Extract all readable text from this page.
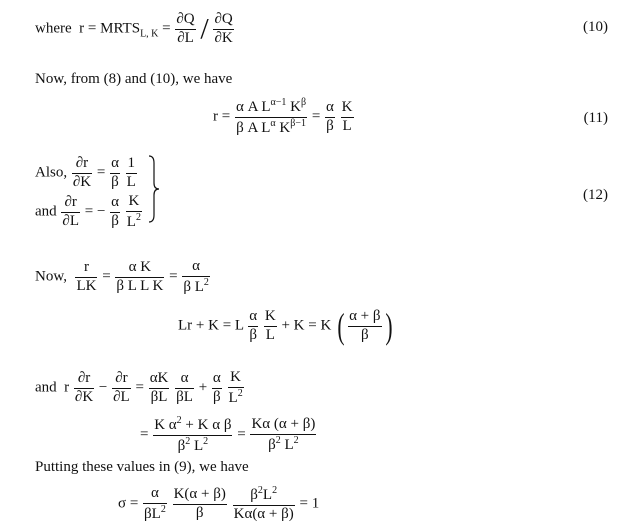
where $r = MRTS_{L, K} = \frac{\partial Q}{\partial L} / \frac{\partial Q}{\partial K}$	(10)
Now, from (8) and (10), we have
$r = \frac{\alpha A L^{\alpha-1} K^\beta}{\beta A L^\alpha K^{\beta-1}} = \frac{\alpha}{\beta}$
$\frac{K}{L}$	(11)
Also, $\frac{\partial r}{\partial K} = \frac{\alpha}{\beta}$
$\frac{1}{L}$
and $\frac{\partial r}{\partial L}$ = − $\frac{\alpha}{\beta}$
$\frac{K}{L^2}$	(12)
Now, $\frac{r}{LK} = \frac{\text{α K}}{\text{β L L K}} = \frac{\alpha}{\beta L^2}$
Lr + K = L $\frac{\alpha}{\beta}$
$\frac{K}{L} + K = K$ ( $\frac{\alpha + \beta}{\beta}$ )
and r $\frac{\partial r}{\partial K} - \frac{\partial r}{\partial L} = \frac{\alpha K}{\beta L}$
$\frac{\alpha}{\beta L} + \frac{\alpha}{\beta}$
$\frac{K}{L^2}$
= $\frac{K \alpha^2 + K \alpha \beta}{\beta^2 L^2} = \frac{K\alpha (\alpha + \beta)}{\beta^2 L^2}$
Putting these values in (9), we have
$\sigma = \frac{\alpha}{\beta L^2}$
$\frac{K(\alpha + \beta)}{\beta}$
$\frac{\beta^2L^2}{K\alpha(\alpha + \beta)} = 1$
